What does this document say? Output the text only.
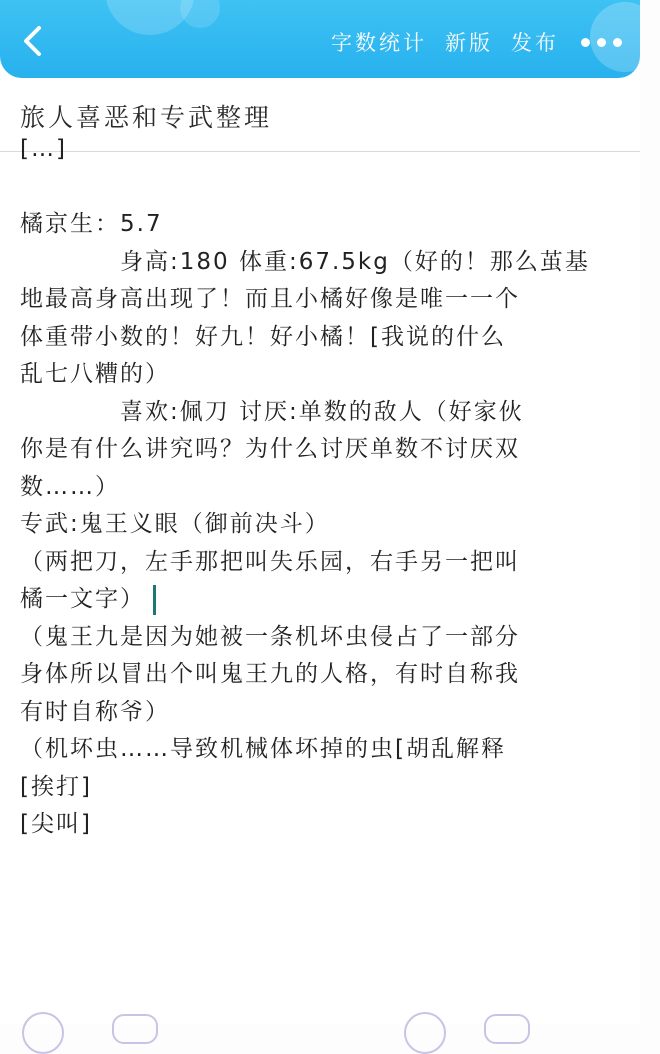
字数统计 新版 发布
旅人喜恶和专武整理
[…]
橘京生：5.7
身高:180 体重:67.5kg（好的！那么茧基
地最高身高出现了！而且小橘好像是唯一一个
体重带小数的！好九！好小橘！[我说的什么
乱七八糟的）
喜欢:佩刀 讨厌:单数的敌人（好家伙
你是有什么讲究吗？为什么讨厌单数不讨厌双
数……）
专武:鬼王义眼（御前决斗）
（两把刀，左手那把叫失乐园，右手另一把叫
橘一文字）
（鬼王九是因为她被一条机坏虫侵占了一部分
身体所以冒出个叫鬼王九的人格，有时自称我
有时自称爷）
（机坏虫……导致机械体坏掉的虫[胡乱解释
[挨打]
[尖叫]
